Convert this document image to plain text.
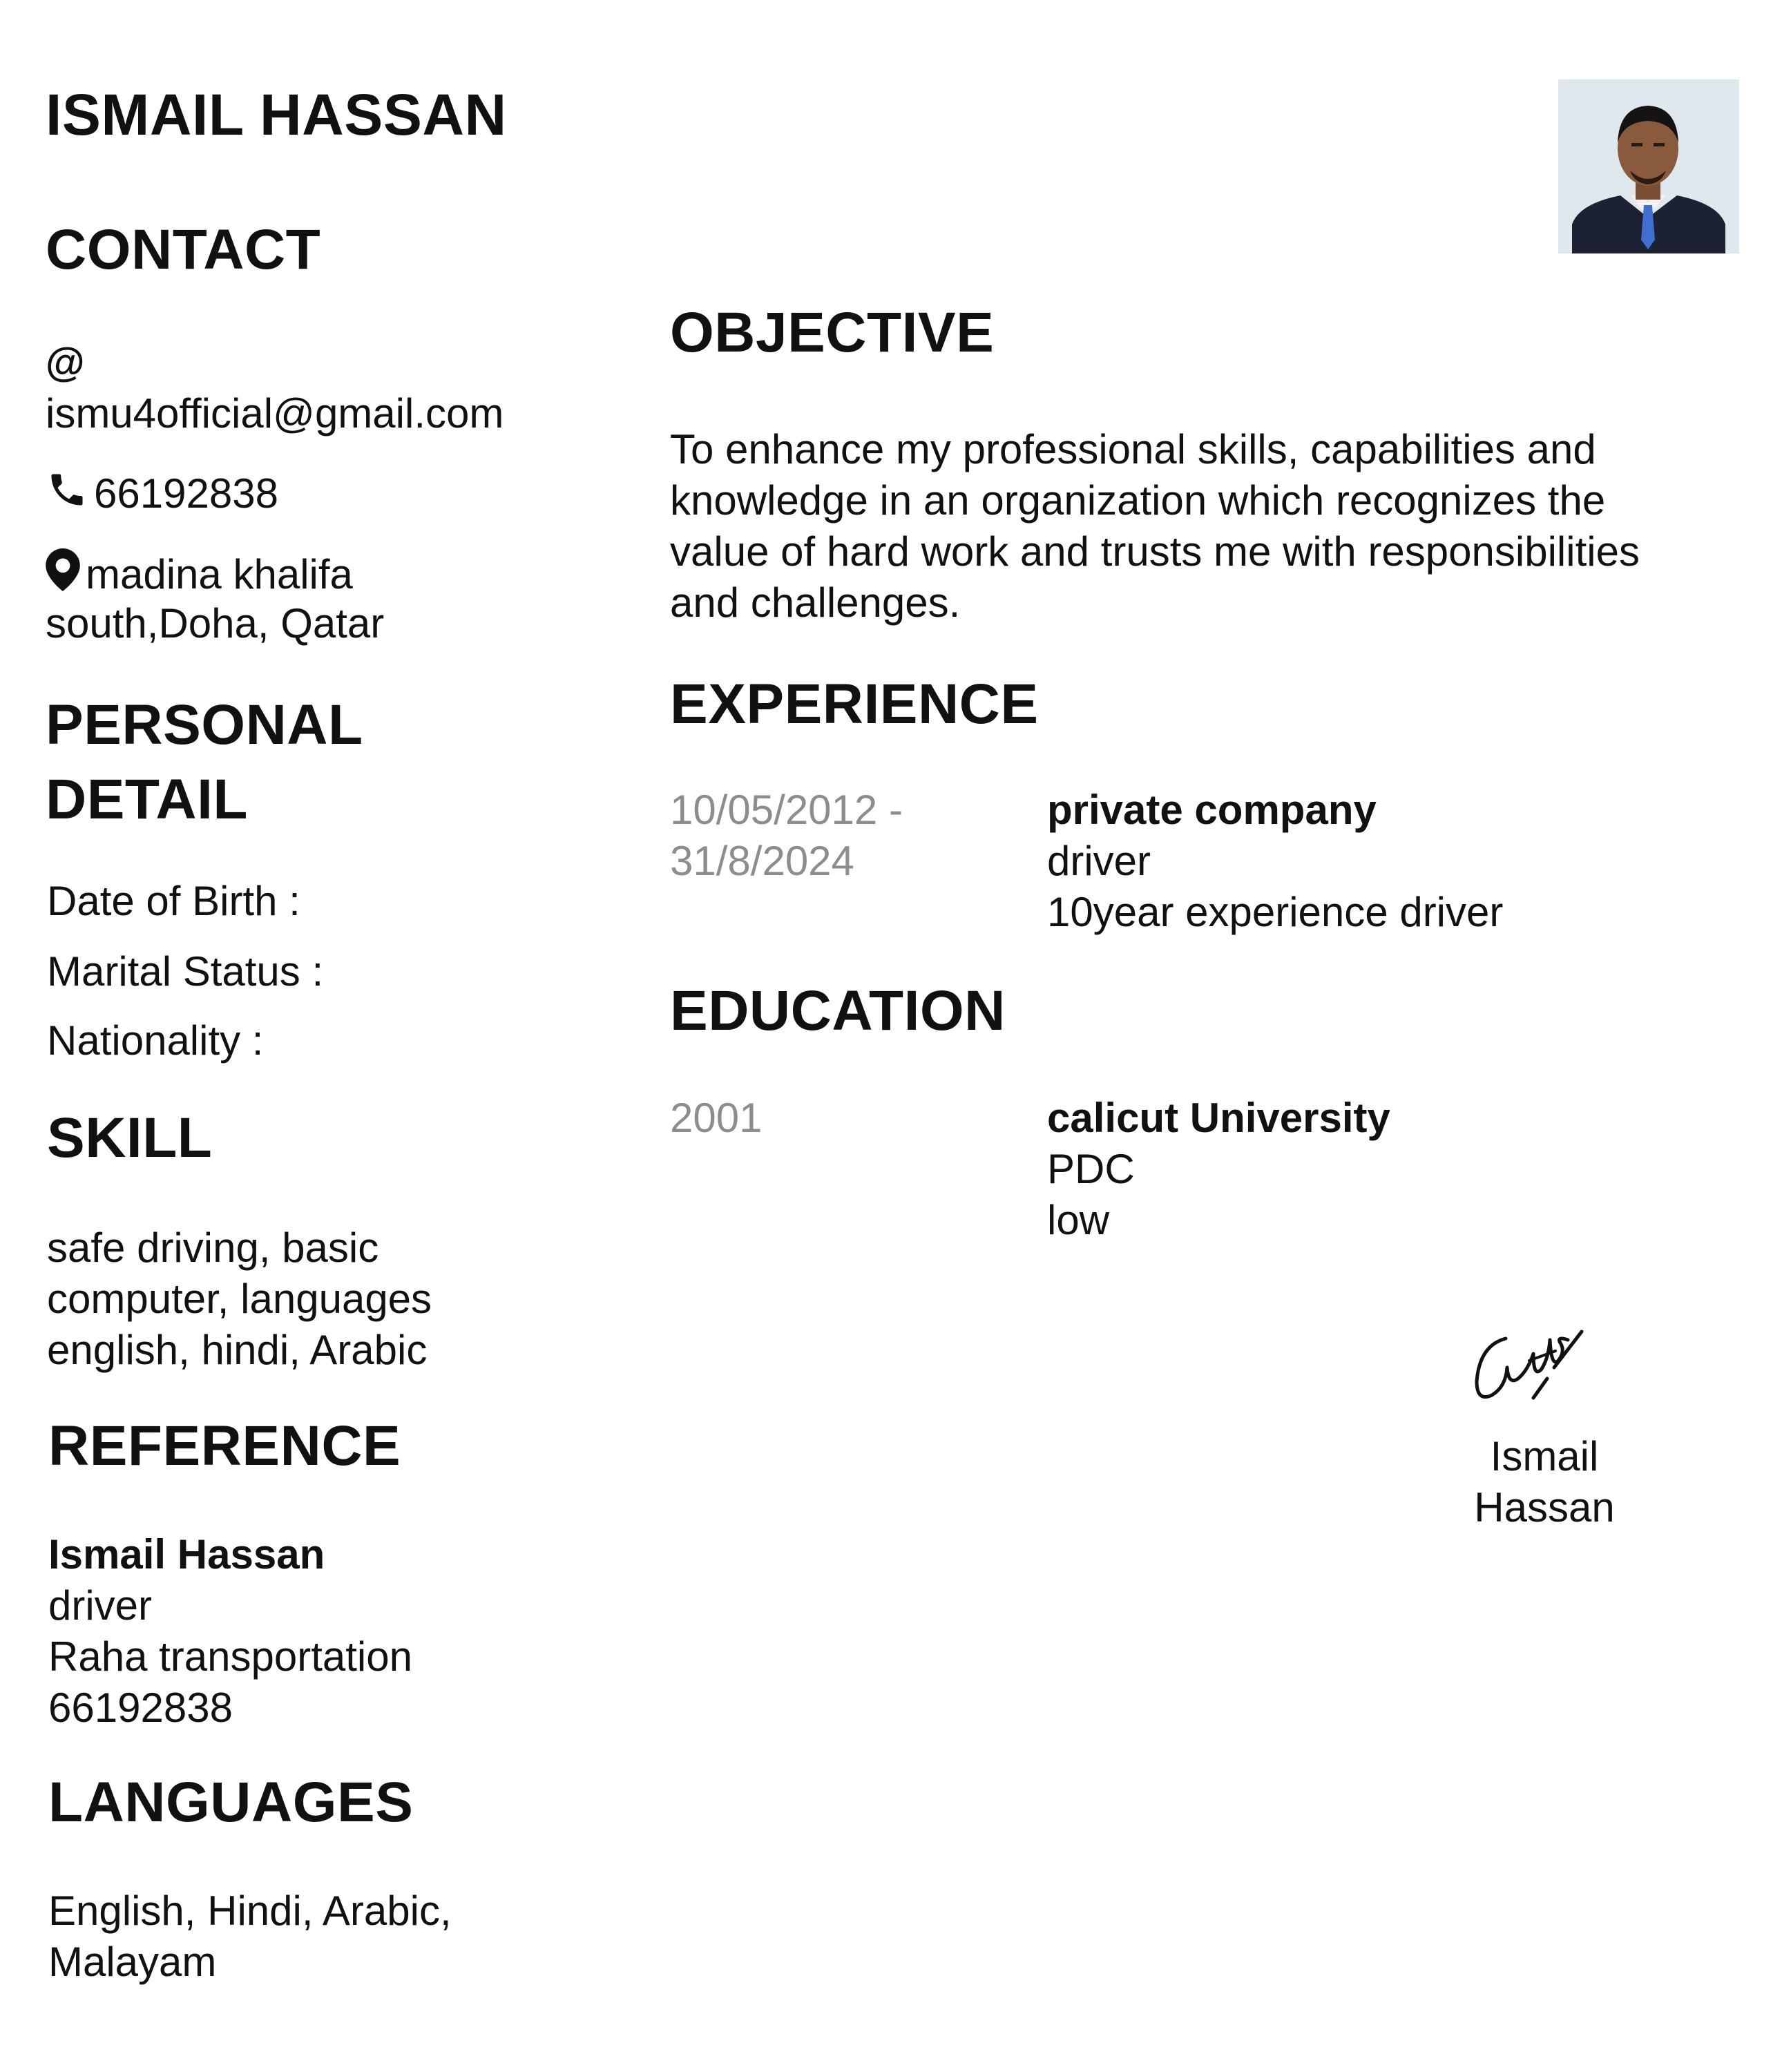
ISMAIL HASSAN
CONTACT
@
ismu4official@gmail.com
66192838
madina khalifa
south,Doha, Qatar
PERSONAL
DETAIL
Date of Birth :
Marital Status :
Nationality :
SKILL
safe driving, basic
computer, languages
english, hindi, Arabic
REFERENCE
Ismail Hassan
driver
Raha transportation
66192838
LANGUAGES
English, Hindi, Arabic,
Malayam
OBJECTIVE
To enhance my professional skills, capabilities and
knowledge in an organization which recognizes the
value of hard work and trusts me with responsibilities
and challenges.
EXPERIENCE
10/05/2012 -
31/8/2024
private company
driver
10year experience driver
EDUCATION
2001	calicut University
PDC
low
Ismail
Hassan
